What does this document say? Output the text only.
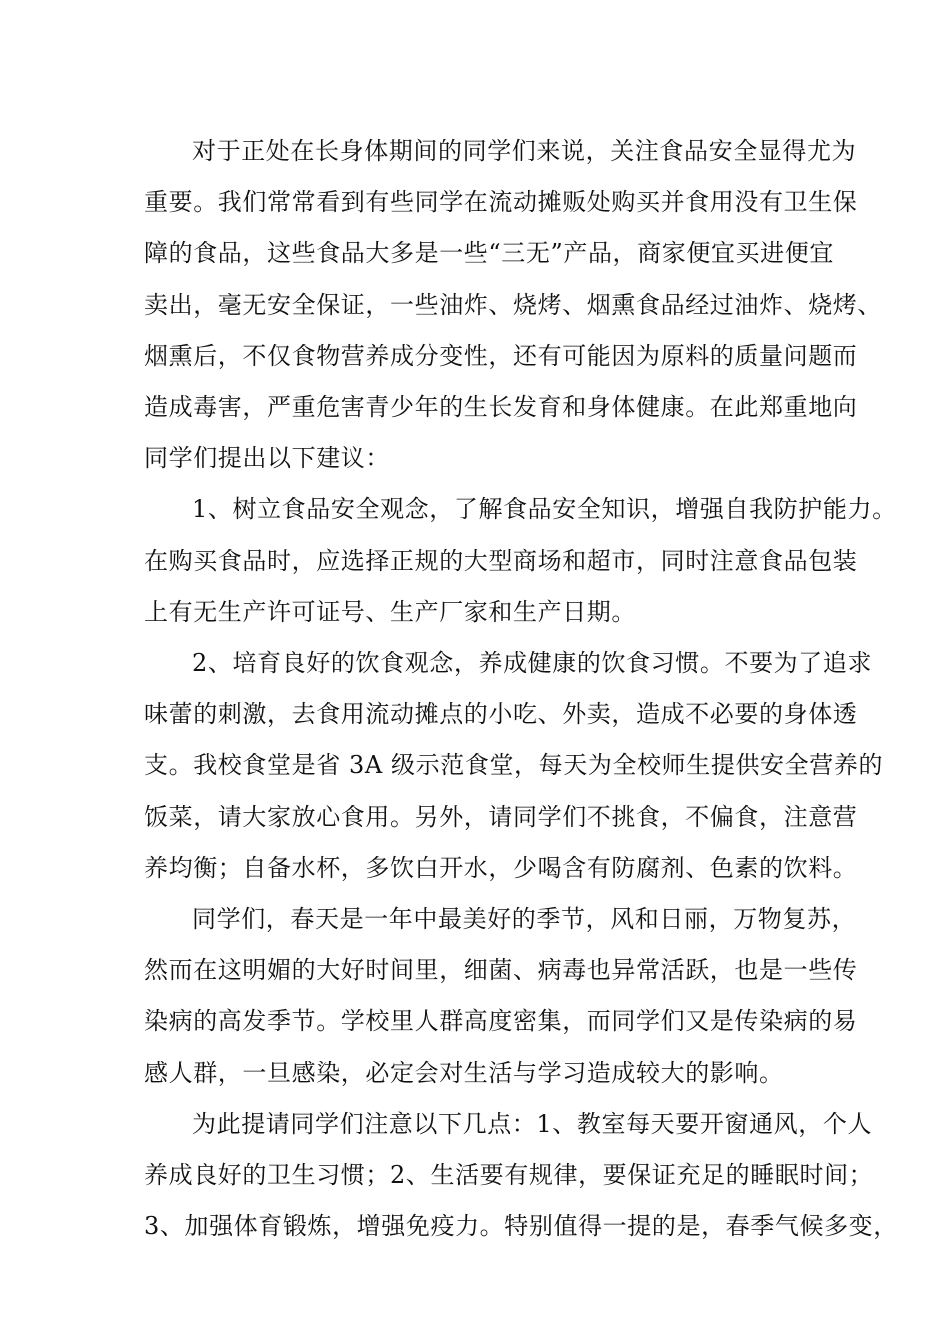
对于正处在长身体期间的同学们来说，关注食品安全显得尤为
重要。我们常常看到有些同学在流动摊贩处购买并食用没有卫生保
障的食品，这些食品大多是一些“三无”产品，商家便宜买进便宜
卖出，毫无安全保证，一些油炸、烧烤、烟熏食品经过油炸、烧烤、
烟熏后，不仅食物营养成分变性，还有可能因为原料的质量问题而
造成毒害，严重危害青少年的生长发育和身体健康。在此郑重地向
同学们提出以下建议：

1、树立食品安全观念，了解食品安全知识，增强自我防护能力。
在购买食品时，应选择正规的大型商场和超市，同时注意食品包装
上有无生产许可证号、生产厂家和生产日期。

2、培育良好的饮食观念，养成健康的饮食习惯。不要为了追求
味蕾的刺激，去食用流动摊点的小吃、外卖，造成不必要的身体透
支。我校食堂是省 3A 级示范食堂，每天为全校师生提供安全营养的
饭菜，请大家放心食用。另外，请同学们不挑食，不偏食，注意营
养均衡；自备水杯，多饮白开水，少喝含有防腐剂、色素的饮料。

同学们，春天是一年中最美好的季节，风和日丽，万物复苏，
然而在这明媚的大好时间里，细菌、病毒也异常活跃，也是一些传
染病的高发季节。学校里人群高度密集，而同学们又是传染病的易
感人群，一旦感染，必定会对生活与学习造成较大的影响。

为此提请同学们注意以下几点：1、教室每天要开窗通风，个人
养成良好的卫生习惯；2、生活要有规律，要保证充足的睡眠时间；
3、加强体育锻炼，增强免疫力。特别值得一提的是，春季气候多变，
